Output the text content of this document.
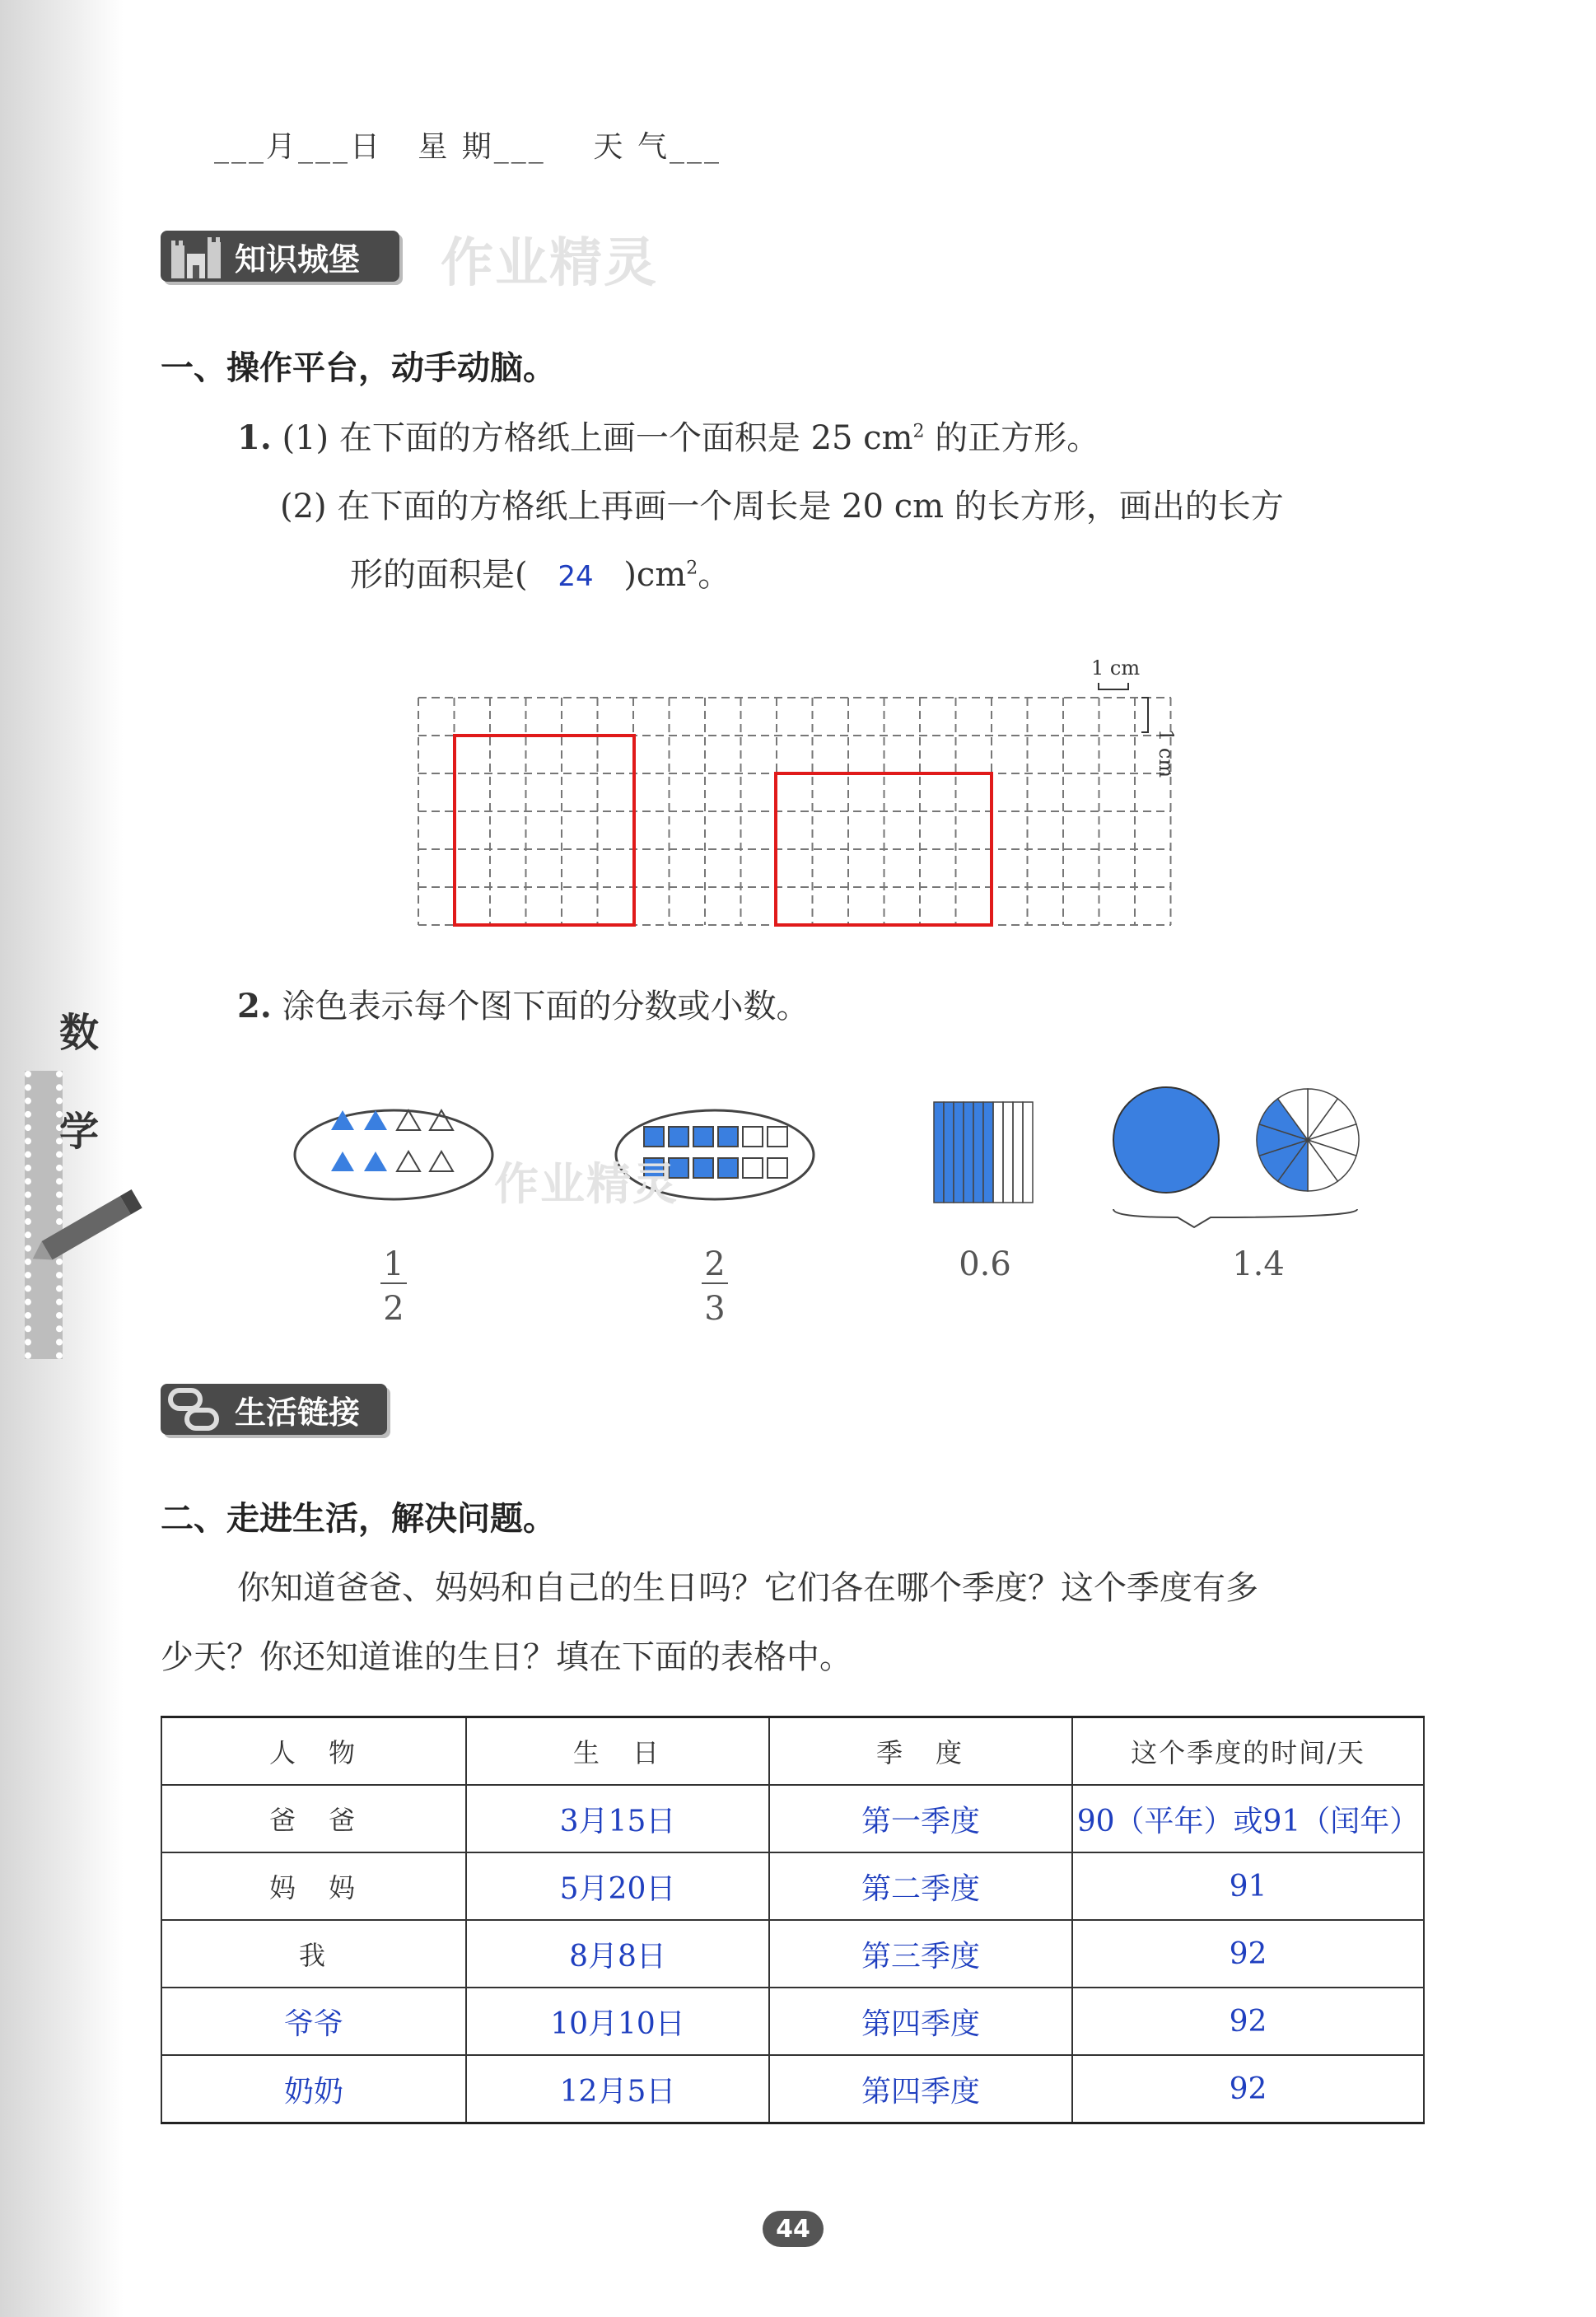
数
学
___月___日   星 期___    天 气___
知识城堡 作业精灵
一、操作平台，动手动脑。
1. (1) 在下面的方格纸上画一个面积是 25 $cm^2$ 的正方形。
(2) 在下面的方格纸上再画一个周长是 20 cm 的长方形，画出的长方
形的面积是( 24 )$cm^2$。
1 cm
1 cm
2. 涂色表示每个图下面的分数或小数。
1
2
2
3
0.6	1.4
作业精灵
生活链接
二、走进生活，解决问题。
你知道爸爸、妈妈和自己的生日吗？它们各在哪个季度？这个季度有多
少天？你还知道谁的生日？填在下面的表格中。
人　物	生　日	季　度	这个季度的时间/天
爸　爸	3月15日	第一季度	90（平年）或91（闰年）
妈　妈	5月20日	第二季度	91
我	8月8日	第三季度	92
爷爷	10月10日	第四季度	92
奶奶	12月5日	第四季度	92
44
